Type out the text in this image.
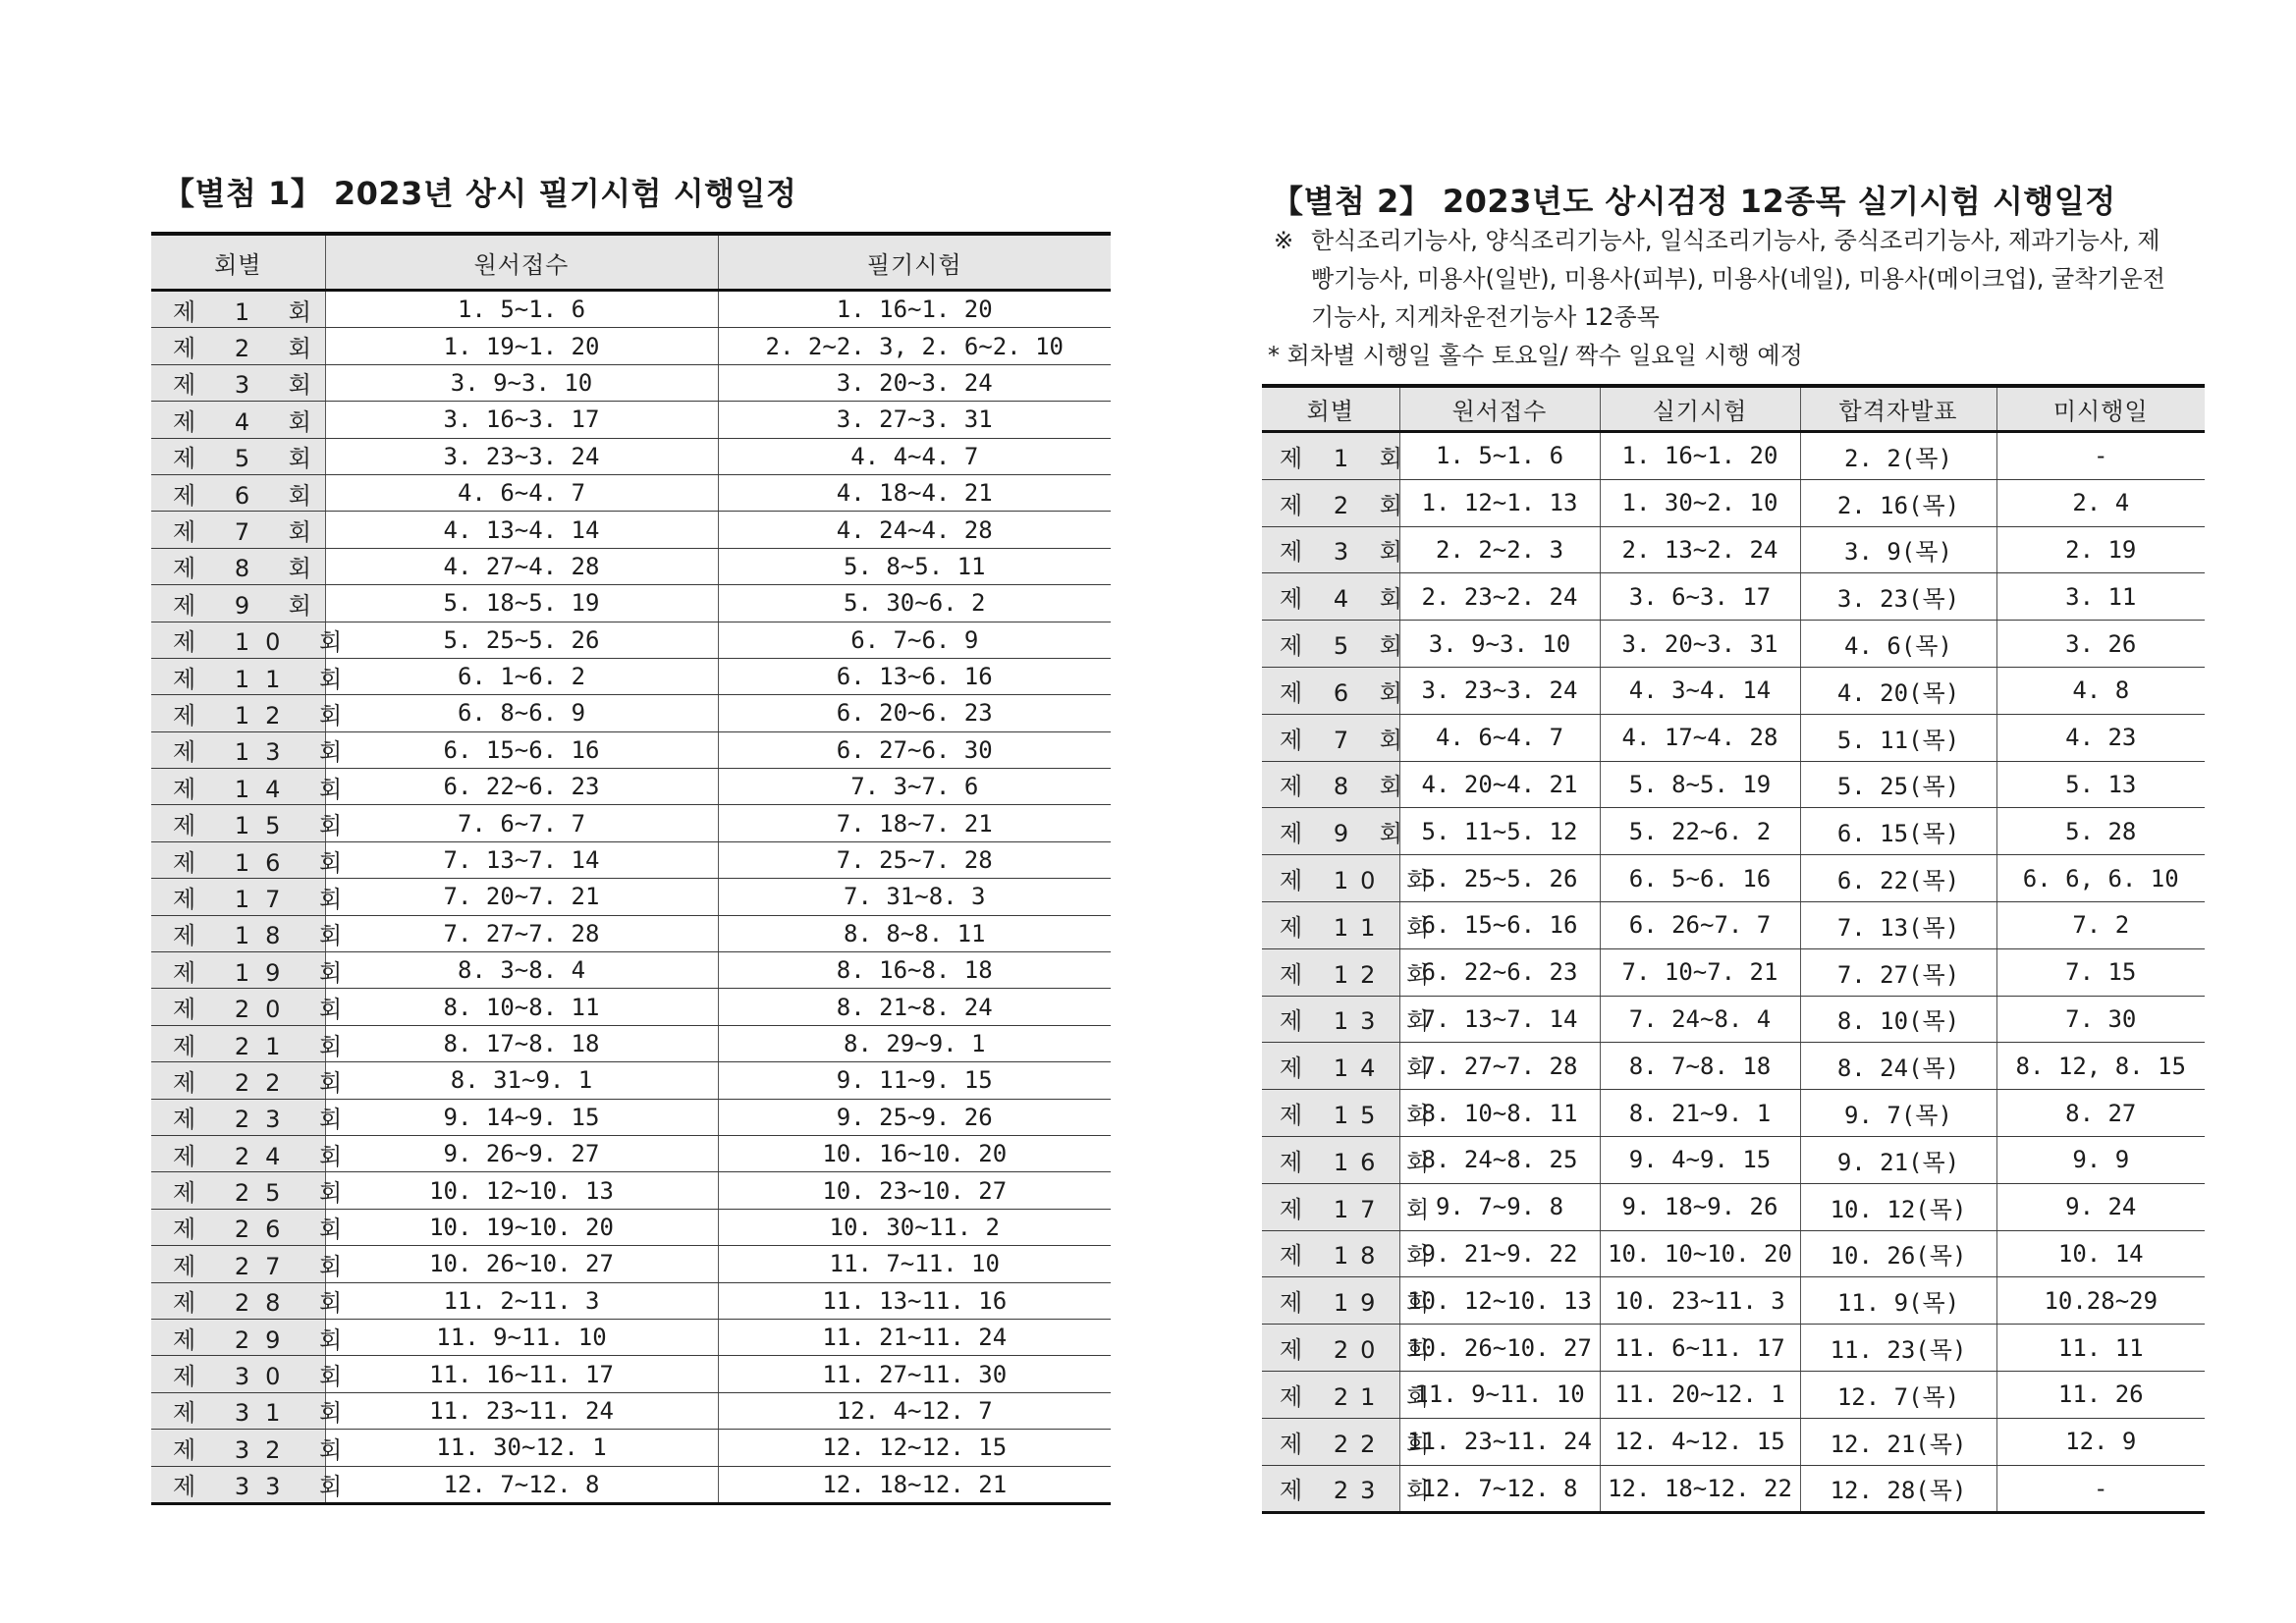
【별첨 1】 2023년 상시 필기시험 시행일정
회별	원서접수	필기시험
제 1 회	1. 5~1. 6	1. 16~1. 20
제 2 회	1. 19~1. 20	2. 2~2. 3, 2. 6~2. 10
제 3 회	3. 9~3. 10	3. 20~3. 24
제 4 회	3. 16~3. 17	3. 27~3. 31
제 5 회	3. 23~3. 24	4. 4~4. 7
제 6 회	4. 6~4. 7	4. 18~4. 21
제 7 회	4. 13~4. 14	4. 24~4. 28
제 8 회	4. 27~4. 28	5. 8~5. 11
제 9 회	5. 18~5. 19	5. 30~6. 2
제 10 회	5. 25~5. 26	6. 7~6. 9
제 11 회	6. 1~6. 2	6. 13~6. 16
제 12 회	6. 8~6. 9	6. 20~6. 23
제 13 회	6. 15~6. 16	6. 27~6. 30
제 14 회	6. 22~6. 23	7. 3~7. 6
제 15 회	7. 6~7. 7	7. 18~7. 21
제 16 회	7. 13~7. 14	7. 25~7. 28
제 17 회	7. 20~7. 21	7. 31~8. 3
제 18 회	7. 27~7. 28	8. 8~8. 11
제 19 회	8. 3~8. 4	8. 16~8. 18
제 20 회	8. 10~8. 11	8. 21~8. 24
제 21 회	8. 17~8. 18	8. 29~9. 1
제 22 회	8. 31~9. 1	9. 11~9. 15
제 23 회	9. 14~9. 15	9. 25~9. 26
제 24 회	9. 26~9. 27	10. 16~10. 20
제 25 회	10. 12~10. 13	10. 23~10. 27
제 26 회	10. 19~10. 20	10. 30~11. 2
제 27 회	10. 26~10. 27	11. 7~11. 10
제 28 회	11. 2~11. 3	11. 13~11. 16
제 29 회	11. 9~11. 10	11. 21~11. 24
제 30 회	11. 16~11. 17	11. 27~11. 30
제 31 회	11. 23~11. 24	12. 4~12. 7
제 32 회	11. 30~12. 1	12. 12~12. 15
제 33 회	12. 7~12. 8	12. 18~12. 21
【별첨 2】 2023년도 상시검정 12종목 실기시험 시행일정
※ 한식조리기능사, 양식조리기능사, 일식조리기능사, 중식조리기능사, 제과기능사, 제빵기능사, 미용사(일반), 미용사(피부), 미용사(네일), 미용사(메이크업), 굴착기운전기능사, 지게차운전기능사 12종목
* 회차별 시행일 홀수 토요일/ 짝수 일요일 시행 예정
회별	원서접수	실기시험	합격자발표	미시행일
제 1 회	1. 5~1. 6	1. 16~1. 20	2. 2(목)	-
제 2 회	1. 12~1. 13	1. 30~2. 10	2. 16(목)	2. 4
제 3 회	2. 2~2. 3	2. 13~2. 24	3. 9(목)	2. 19
제 4 회	2. 23~2. 24	3. 6~3. 17	3. 23(목)	3. 11
제 5 회	3. 9~3. 10	3. 20~3. 31	4. 6(목)	3. 26
제 6 회	3. 23~3. 24	4. 3~4. 14	4. 20(목)	4. 8
제 7 회	4. 6~4. 7	4. 17~4. 28	5. 11(목)	4. 23
제 8 회	4. 20~4. 21	5. 8~5. 19	5. 25(목)	5. 13
제 9 회	5. 11~5. 12	5. 22~6. 2	6. 15(목)	5. 28
제 10 회	5. 25~5. 26	6. 5~6. 16	6. 22(목)	6. 6, 6. 10
제 11 회	6. 15~6. 16	6. 26~7. 7	7. 13(목)	7. 2
제 12 회	6. 22~6. 23	7. 10~7. 21	7. 27(목)	7. 15
제 13 회	7. 13~7. 14	7. 24~8. 4	8. 10(목)	7. 30
제 14 회	7. 27~7. 28	8. 7~8. 18	8. 24(목)	8. 12, 8. 15
제 15 회	8. 10~8. 11	8. 21~9. 1	9. 7(목)	8. 27
제 16 회	8. 24~8. 25	9. 4~9. 15	9. 21(목)	9. 9
제 17 회	9. 7~9. 8	9. 18~9. 26	10. 12(목)	9. 24
제 18 회	9. 21~9. 22	10. 10~10. 20	10. 26(목)	10. 14
제 19 회	10. 12~10. 13	10. 23~11. 3	11. 9(목)	10.28~29
제 20 회	10. 26~10. 27	11. 6~11. 17	11. 23(목)	11. 11
제 21 회	11. 9~11. 10	11. 20~12. 1	12. 7(목)	11. 26
제 22 회	11. 23~11. 24	12. 4~12. 15	12. 21(목)	12. 9
제 23 회	12. 7~12. 8	12. 18~12. 22	12. 28(목)	-
